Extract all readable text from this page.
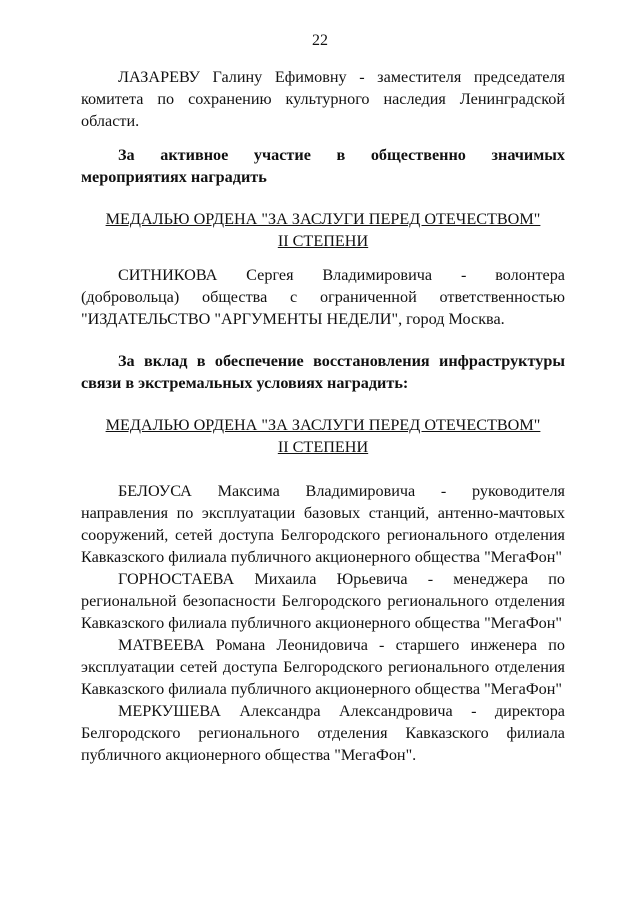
22

ЛАЗАРЕВУ Галину Ефимовну - заместителя председателя комитета по сохранению культурного наследия Ленинградской области.

За активное участие в общественно значимых мероприятиях наградить

МЕДАЛЬЮ ОРДЕНА "ЗА ЗАСЛУГИ ПЕРЕД ОТЕЧЕСТВОМ"
II СТЕПЕНИ

СИТНИКОВА Сергея Владимировича - волонтера (добровольца) общества с ограниченной ответственностью "ИЗДАТЕЛЬСТВО "АРГУМЕНТЫ НЕДЕЛИ", город Москва.

За вклад в обеспечение восстановления инфраструктуры связи в экстремальных условиях наградить:

МЕДАЛЬЮ ОРДЕНА "ЗА ЗАСЛУГИ ПЕРЕД ОТЕЧЕСТВОМ"
II СТЕПЕНИ

БЕЛОУСА Максима Владимировича - руководителя направления по эксплуатации базовых станций, антенно-мачтовых сооружений, сетей доступа Белгородского регионального отделения Кавказского филиала публичного акционерного общества "МегаФон"

ГОРНОСТАЕВА Михаила Юрьевича - менеджера по региональной безопасности Белгородского регионального отделения Кавказского филиала публичного акционерного общества "МегаФон"

МАТВЕЕВА Романа Леонидовича - старшего инженера по эксплуатации сетей доступа Белгородского регионального отделения Кавказского филиала публичного акционерного общества "МегаФон"

МЕРКУШЕВА Александра Александровича - директора Белгородского регионального отделения Кавказского филиала публичного акционерного общества "МегаФон".
